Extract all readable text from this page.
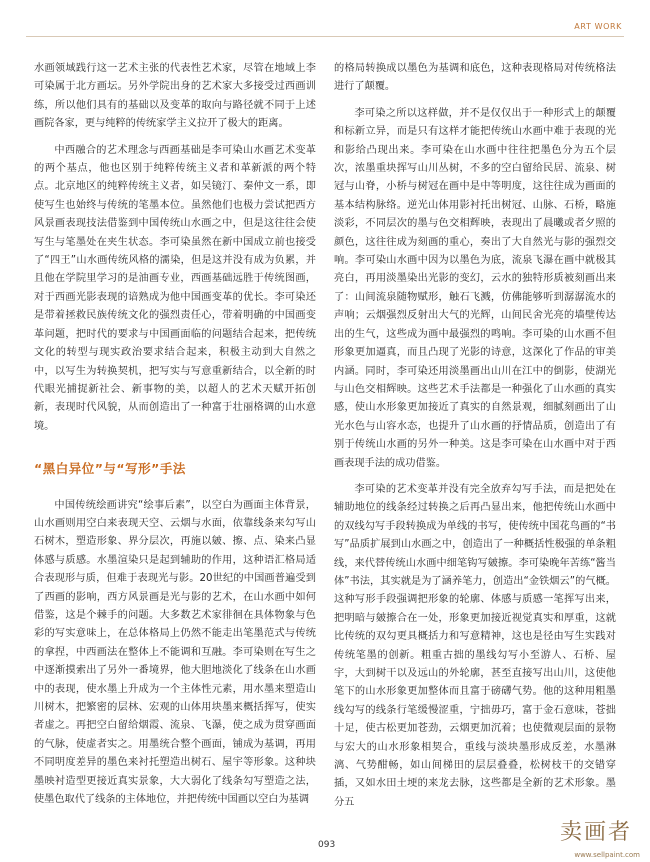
ART WORK

水画领域践行这一艺术主张的代表性艺术家，尽管在地域上李可染属于北方画坛。另外学院出身的艺术家大多接受过西画训练，所以他们具有的基础以及变革的取向与路径就不同于上述画院各家，更与纯粹的传统家学主义拉开了极大的距离。

中西融合的艺术理念与西画基础是李可染山水画艺术变革的两个基点，他也区别于纯粹传统主义者和革新派的两个特点。北京地区的纯粹传统主义者，如吴镜汀、秦仲文一系，即使写生也始终与传统的笔墨本位。虽然他们也极力尝试把西方风景画表现技法借鉴到中国传统山水画之中，但是这往往会使写生与笔墨处在夹生状态。李可染虽然在新中国成立前也接受了“四王”山水画传统风格的濡染，但是这并没有成为负累，并且他在学院里学习的是油画专业，西画基础远胜于传统图画，对于西画光影表现的谙熟成为他中国画变革的优长。李可染还是带着拯救民族传统文化的强烈责任心，带着明确的中国画变革问题，把时代的要求与中国画面临的问题结合起来，把传统文化的转型与现实政治要求结合起来，积极主动到大自然之中，以写生为转换契机，把写实与写意重新结合，以全新的时代眼光捕捉新社会、新事物的美，以超人的艺术天赋开拓创新，表现时代风貌，从而创造出了一种富于壮丽格调的山水意境。

“黑白异位”与“写形”手法

中国传统绘画讲究“绘事后素”，以空白为画面主体背景，山水画则用空白来表现天空、云烟与水面，依靠线条来勾写山石树木，塑造形象、界分层次，再施以皴、擦、点、染来凸显体感与质感。水墨渲染只是起到辅助的作用，这种语汇格局适合表现形与质，但难于表现光与影。20世纪的中国画普遍受到了西画的影响，西方风景画是光与影的艺术，在山水画中如何借鉴，这是个棘手的问题。大多数艺术家徘徊在具体物象与色彩的写实意味上，在总体格局上仍然不能走出笔墨范式与传统的拿捏，中西画法在整体上不能调和互融。李可染则在写生之中逐渐摸索出了另外一番境界，他大胆地淡化了线条在山水画中的表现，使水墨上升成为一个主体性元素，用水墨来塑造山川树木，把繁密的层林、宏观的山体用块墨来概括挥写，使实者虚之。再把空白留给烟霞、流泉、飞瀑，使之成为贯穿画面的气脉，使虚者实之。用墨统合整个画面，铺成为基调，再用不同明度差异的墨色来衬托塑造出树石、屋宇等形象。这种块墨映衬造型更接近真实景象，大大弱化了线条勾写塑造之法，使墨色取代了线条的主体地位，并把传统中国画以空白为基调

的格局转换成以墨色为基调和底色，这种表现格局对传统格法进行了颠覆。

李可染之所以这样做，并不是仅仅出于一种形式上的颠覆和标新立异，而是只有这样才能把传统山水画中难于表现的光和影给凸现出来。李可染在山水画中往往把墨色分为五个层次，浓墨重块挥写山川丛树，不多的空白留给民居、流泉、树冠与山脊，小桥与树冠在画中是中等明度，这往往成为画面的基本结构脉络。逆光山体用影衬托出树冠、山脉、石桥，略施淡彩，不同层次的墨与色交相辉映，表现出了晨曦或者夕照的颜色，这往往成为刻画的重心，奏出了大自然光与影的强烈交响。李可染山水画中因为以墨色为底，流泉飞瀑在画中就极其亮白，再用淡墨染出光影的变幻，云水的独特形质被刻画出来了：山间流泉随物赋形，触石飞溅，仿佛能够听到潺潺流水的声响；云烟强烈反射出大气的光辉，山间民舍光亮的墙壁传达出的生气，这些成为画中最强烈的鸣响。李可染的山水画不但形象更加逼真，而且凸现了光影的诗意，这深化了作品的审美内涵。同时，李可染还用淡墨画出山川在江中的倒影，使湖光与山色交相辉映。这些艺术手法都是一种强化了山水画的真实感，使山水形象更加接近了真实的自然景观，细腻刻画出了山光水色与山容水态，也提升了山水画的抒情品质，创造出了有别于传统山水画的另外一种美。这是李可染在山水画中对于西画表现手法的成功借鉴。

李可染的艺术变革并没有完全放弃勾写手法，而是把处在辅助地位的线条经过转换之后再凸显出来，他把传统山水画中的双线勾写手段转换成为单线的书写，使传统中国花鸟画的“书写”品质扩展到山水画之中，创造出了一种概括性极强的单条粗线，来代替传统山水画中细笔钩写皴擦。李可染晚年苦练“酱当体”书法，其实就是为了涵养笔力，创造出“金铁烟云”的气概。这种写形手段强调把形象的轮廓、体感与质感一笔挥写出来，把明暗与皴擦合在一处，形象更加接近视觉真实和厚重，这就比传统的双勾更具概括力和写意精神，这也是径由写生实践对传统笔墨的创新。粗重古拙的墨线勾写小至游人、石桥、屋宇，大到树干以及远山的外轮廓，甚至直接写出山川，这使他笔下的山水形象更加整体而且富于磅礴气势。他的这种用粗墨线勾写的线条行笔缓慢涩重，宁拙毋巧，富于金石意味，苍拙十足，使古松更加苍劲，云烟更加沉着；也使微观层面的景物与宏大的山水形象相契合，重线与淡块墨形成反差，水墨淋漓、气势酣畅，如山间梯田的层层叠叠，松树枝干的交错穿插，又如水田土埂的来龙去脉，这些都是全新的艺术形象。墨分五

093	卖画者
www.sellpaint.com
